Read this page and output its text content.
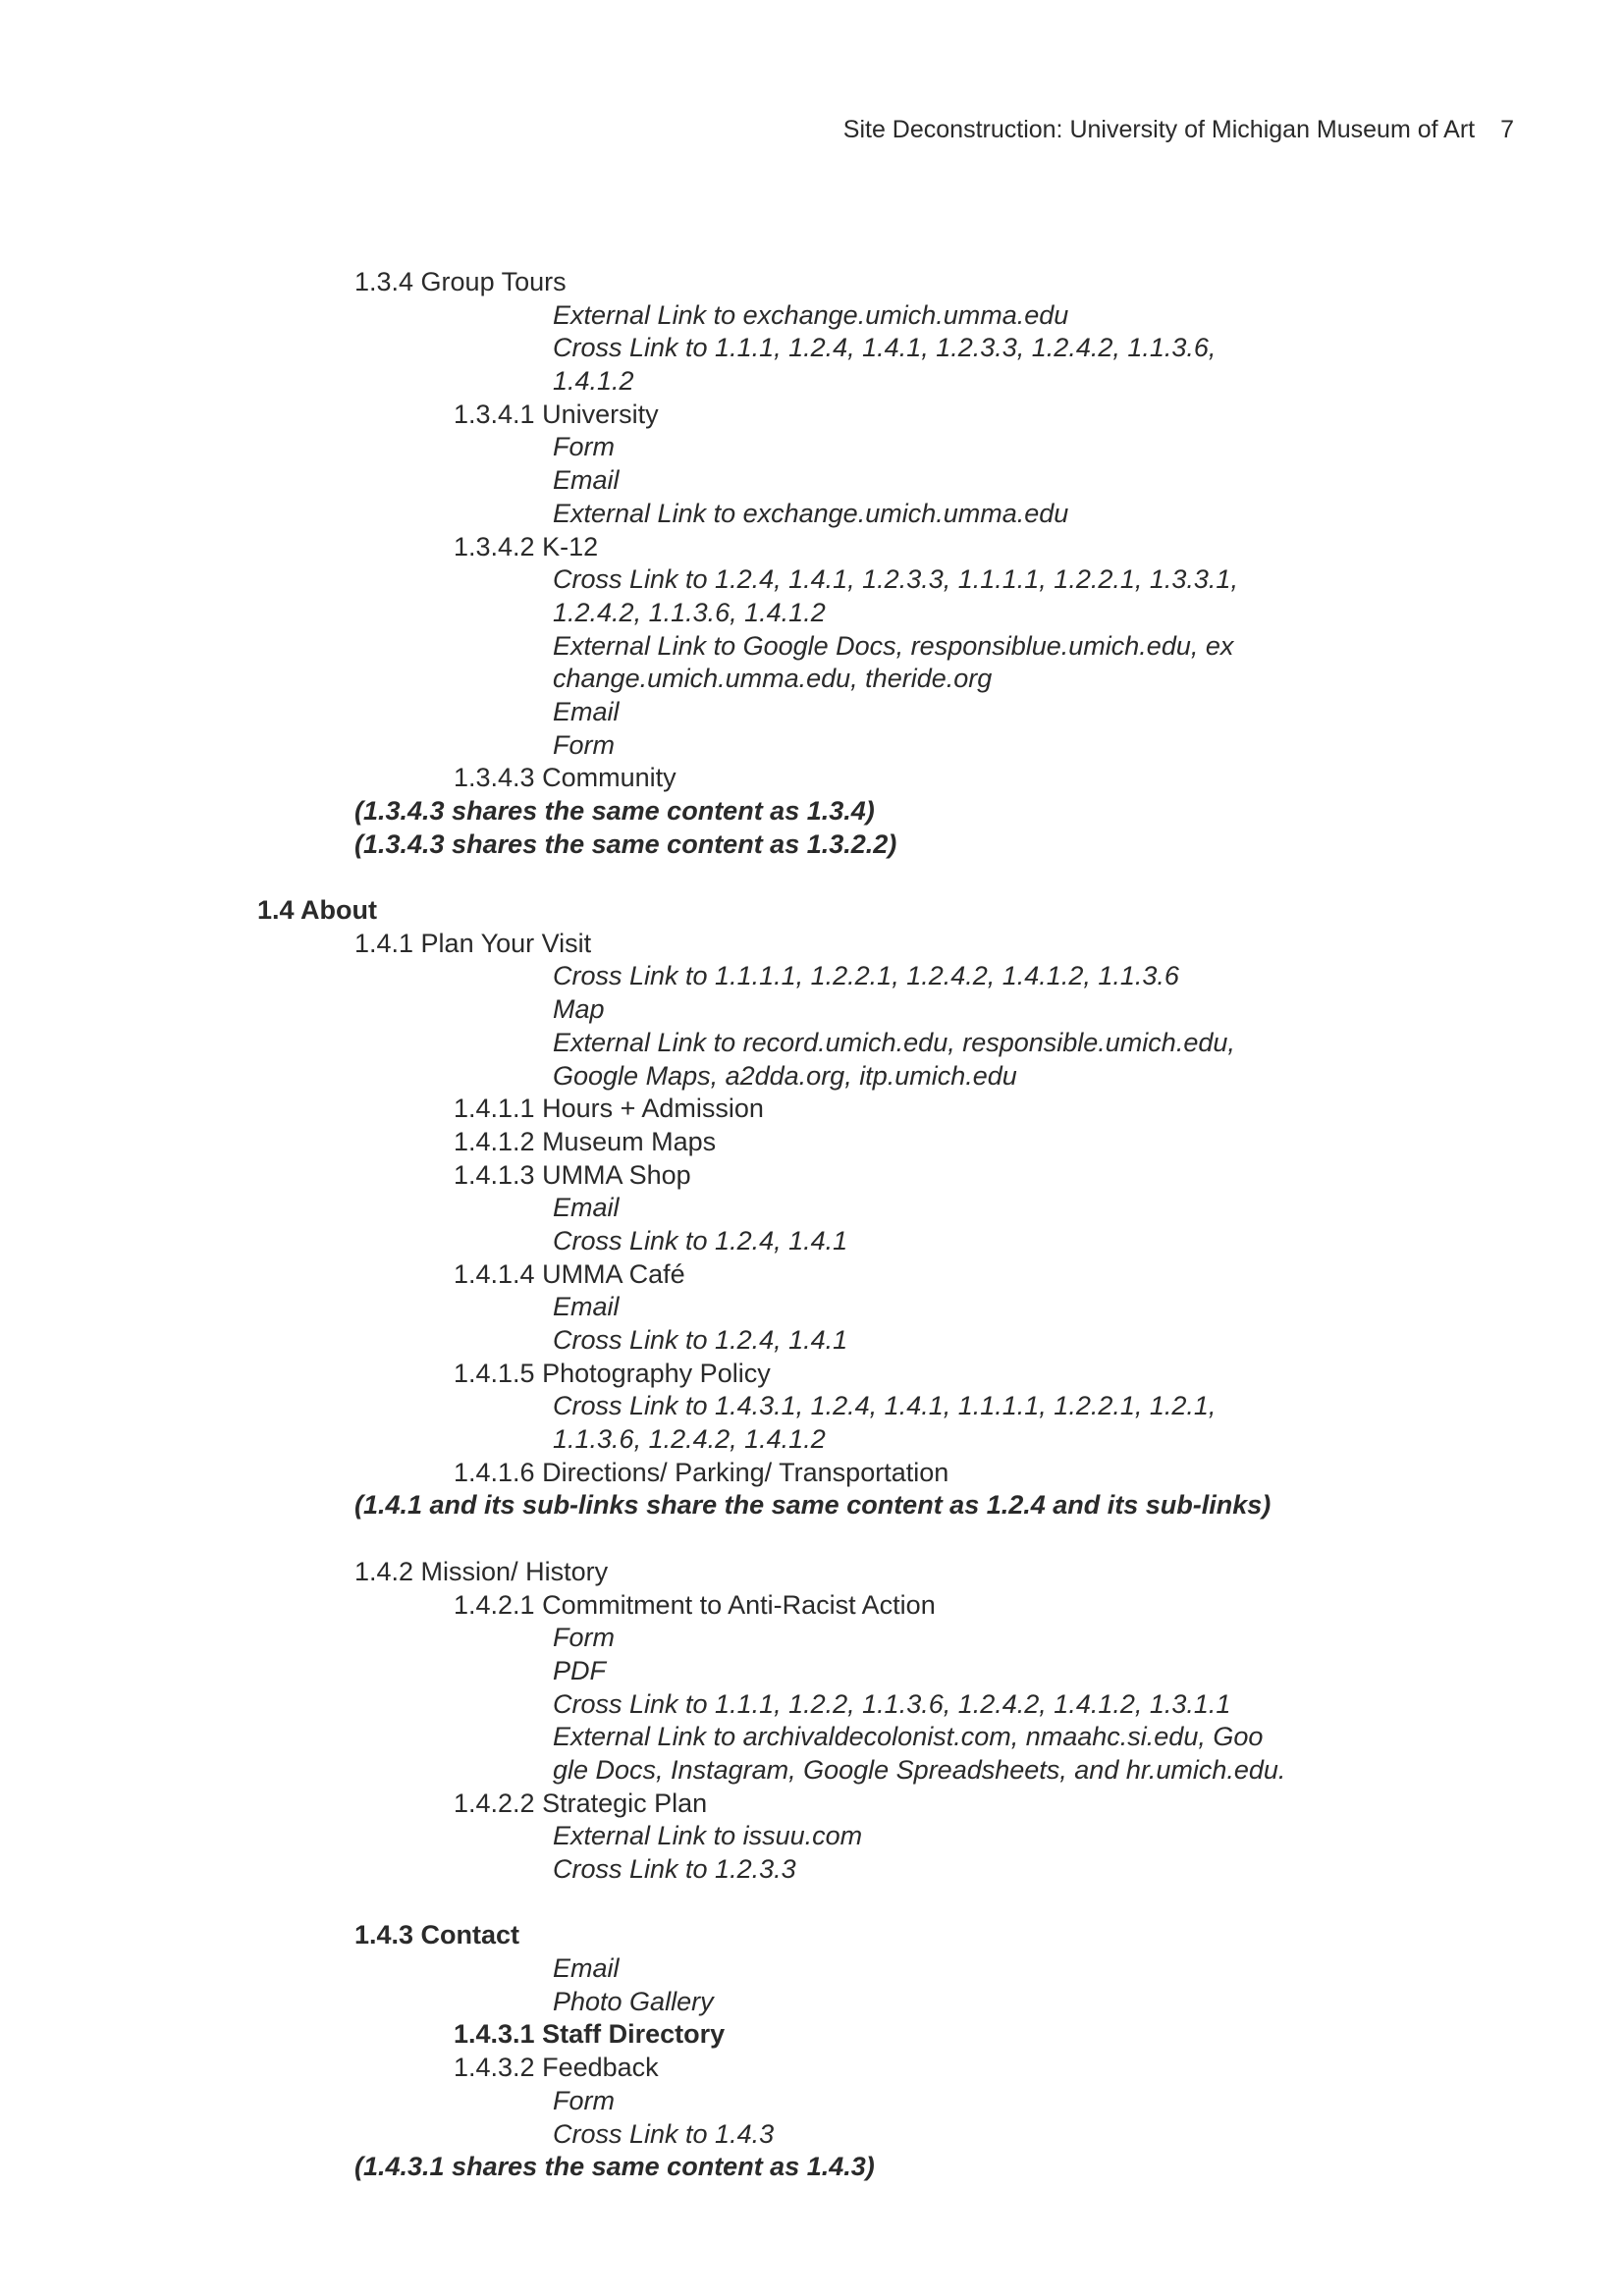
Site Deconstruction: University of Michigan Museum of Art 7
1.3.4 Group Tours
External Link to exchange.umich.umma.edu
Cross Link to 1.1.1, 1.2.4, 1.4.1, 1.2.3.3, 1.2.4.2, 1.1.3.6,
1.4.1.2
1.3.4.1 University
Form
Email
External Link to exchange.umich.umma.edu
1.3.4.2 K-12
Cross Link to 1.2.4, 1.4.1, 1.2.3.3, 1.1.1.1, 1.2.2.1, 1.3.3.1,
1.2.4.2, 1.1.3.6, 1.4.1.2
External Link to Google Docs, responsiblue.umich.edu, ex
change.umich.umma.edu, theride.org
Email
Form
1.3.4.3 Community
(1.3.4.3 shares the same content as 1.3.4)
(1.3.4.3 shares the same content as 1.3.2.2)
1.4 About
1.4.1 Plan Your Visit
Cross Link to 1.1.1.1, 1.2.2.1, 1.2.4.2, 1.4.1.2, 1.1.3.6
Map
External Link to record.umich.edu, responsible.umich.edu,
Google Maps, a2dda.org, itp.umich.edu
1.4.1.1 Hours + Admission
1.4.1.2 Museum Maps
1.4.1.3 UMMA Shop
Email
Cross Link to 1.2.4, 1.4.1
1.4.1.4 UMMA Café
Email
Cross Link to 1.2.4, 1.4.1
1.4.1.5 Photography Policy
Cross Link to 1.4.3.1, 1.2.4, 1.4.1, 1.1.1.1, 1.2.2.1, 1.2.1,
1.1.3.6, 1.2.4.2, 1.4.1.2
1.4.1.6 Directions/ Parking/ Transportation
(1.4.1 and its sub-links share the same content as 1.2.4 and its sub-links)
1.4.2 Mission/ History
1.4.2.1 Commitment to Anti-Racist Action
Form
PDF
Cross Link to 1.1.1, 1.2.2, 1.1.3.6, 1.2.4.2, 1.4.1.2, 1.3.1.1
External Link to archivaldecolonist.com, nmaahc.si.edu, Goo
gle Docs, Instagram, Google Spreadsheets, and hr.umich.edu.
1.4.2.2 Strategic Plan
External Link to issuu.com
Cross Link to 1.2.3.3
1.4.3 Contact
Email
Photo Gallery
1.4.3.1 Staff Directory
1.4.3.2 Feedback
Form
Cross Link to 1.4.3
(1.4.3.1 shares the same content as 1.4.3)
